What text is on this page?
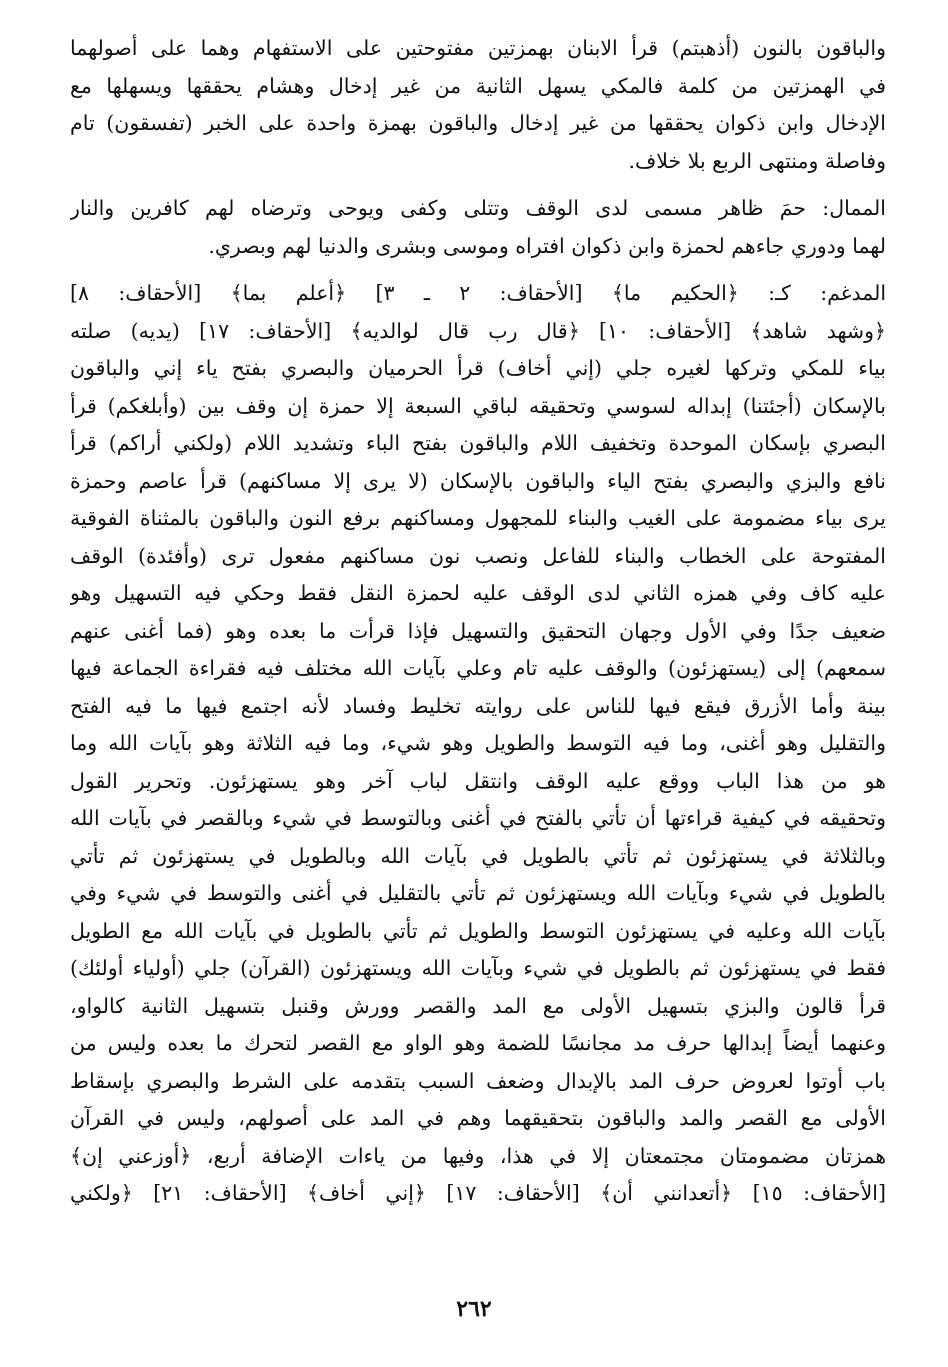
والباقون بالنون (أذهبتم) قرأ الابنان بهمزتين مفتوحتين على الاستفهام وهما على أصولهما
في الهمزتين من كلمة فالمكي يسهل الثانية من غير إدخال وهشام يحققها ويسهلها مع
الإدخال وابن ذكوان يحققها من غير إدخال والباقون بهمزة واحدة على الخبر (تفسقون) تام
وفاصلة ومنتهى الربع بلا خلاف.
الممال: حمَ ظاهر مسمى لدى الوقف وتتلى وكفى ويوحى وترضاه لهم كافرين والنار
لهما ودوري جاءهم لحمزة وابن ذكوان افتراه وموسى وبشرى والدنيا لهم وبصري.
المدغم: كـ: ﴿الحكيم ما﴾ [الأحقاف: ٢ ـ ٣] ﴿أعلم بما﴾ [الأحقاف: ٨]
﴿وشهد شاهد﴾ [الأحقاف: ١٠] ﴿قال رب قال لوالديه﴾ [الأحقاف: ١٧] (يديه) صلته
بياء للمكي وتركها لغيره جلي (إني أخاف) قرأ الحرميان والبصري بفتح ياء إني والباقون
بالإسكان (أجئتنا) إبداله لسوسي وتحقيقه لباقي السبعة إلا حمزة إن وقف بين (وأبلغكم) قرأ
البصري بإسكان الموحدة وتخفيف اللام والباقون بفتح الباء وتشديد اللام (ولكني أراكم) قرأ
نافع والبزي والبصري بفتح الياء والباقون بالإسكان (لا يرى إلا مساكنهم) قرأ عاصم وحمزة
يرى بياء مضمومة على الغيب والبناء للمجهول ومساكنهم برفع النون والباقون بالمثناة الفوقية
المفتوحة على الخطاب والبناء للفاعل ونصب نون مساكنهم مفعول ترى (وأفئدة) الوقف
عليه كاف وفي همزه الثاني لدى الوقف عليه لحمزة النقل فقط وحكي فيه التسهيل وهو
ضعيف جدًا وفي الأول وجهان التحقيق والتسهيل فإذا قرأت ما بعده وهو (فما أغنى عنهم
سمعهم) إلى (يستهزئون) والوقف عليه تام وعلي بآيات الله مختلف فيه فقراءة الجماعة فيها
بينة وأما الأزرق فيقع فيها للناس على روايته تخليط وفساد لأنه اجتمع فيها ما فيه الفتح
والتقليل وهو أغنى، وما فيه التوسط والطويل وهو شيء، وما فيه الثلاثة وهو بآيات الله وما
هو من هذا الباب ووقع عليه الوقف وانتقل لباب آخر وهو يستهزئون. وتحرير القول
وتحقيقه في كيفية قراءتها أن تأتي بالفتح في أغنى وبالتوسط في شيء وبالقصر في بآيات الله
وبالثلاثة في يستهزئون ثم تأتي بالطويل في بآيات الله وبالطويل في يستهزئون ثم تأتي
بالطويل في شيء وبآيات الله ويستهزئون ثم تأتي بالتقليل في أغنى والتوسط في شيء وفي
بآيات الله وعليه في يستهزئون التوسط والطويل ثم تأتي بالطويل في بآيات الله مع الطويل
فقط في يستهزئون ثم بالطويل في شيء وبآيات الله ويستهزئون (القرآن) جلي (أولياء أولئك)
قرأ قالون والبزي بتسهيل الأولى مع المد والقصر وورش وقنبل بتسهيل الثانية كالواو،
وعنهما أيضاً إبدالها حرف مد مجانسًا للضمة وهو الواو مع القصر لتحرك ما بعده وليس من
باب أوتوا لعروض حرف المد بالإبدال وضعف السبب بتقدمه على الشرط والبصري بإسقاط
الأولى مع القصر والمد والباقون بتحقيقهما وهم في المد على أصولهم، وليس في القرآن
همزتان مضمومتان مجتمعتان إلا في هذا، وفيها من ياءات الإضافة أربع، ﴿أوزعني إن﴾
[الأحقاف: ١٥] ﴿أتعدانني أن﴾ [الأحقاف: ١٧] ﴿إني أخاف﴾ [الأحقاف: ٢١] ﴿ولكني
٢٦٢
